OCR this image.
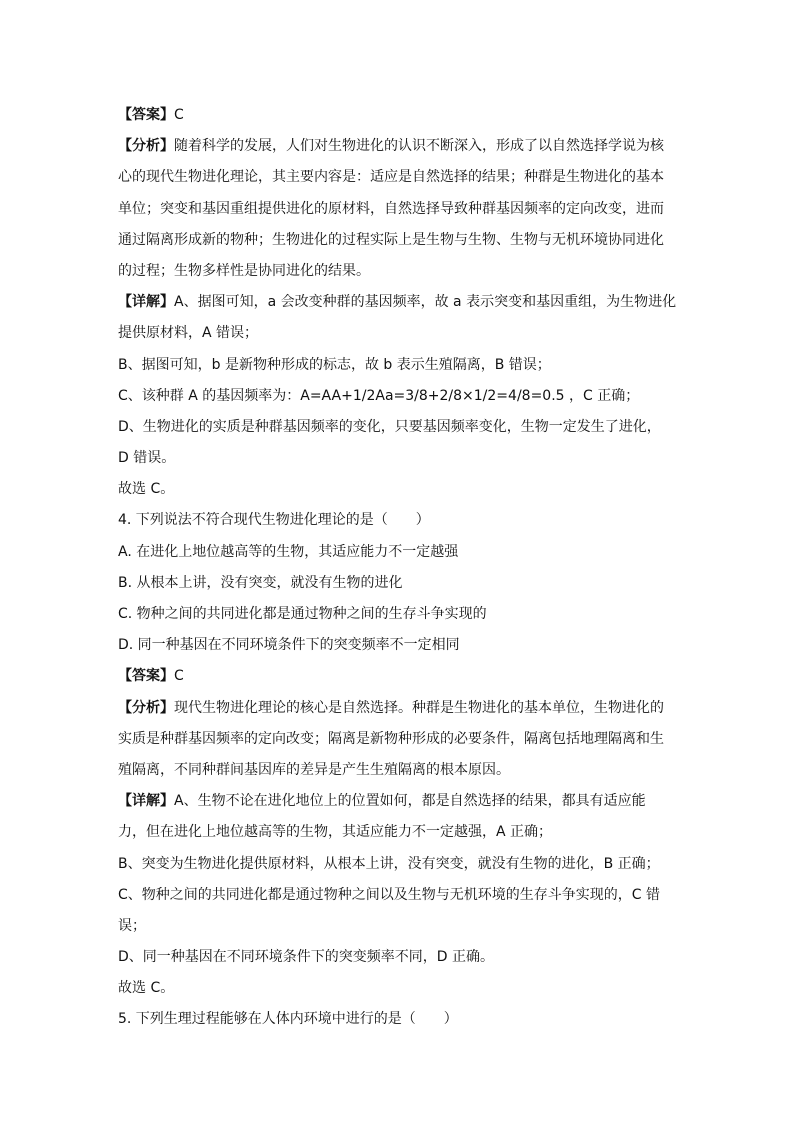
【答案】C
【分析】随着科学的发展，人们对生物进化的认识不断深入，形成了以自然选择学说为核
心的现代生物进化理论，其主要内容是：适应是自然选择的结果；种群是生物进化的基本
单位；突变和基因重组提供进化的原材料，自然选择导致种群基因频率的定向改变，进而
通过隔离形成新的物种；生物进化的过程实际上是生物与生物、生物与无机环境协同进化
的过程；生物多样性是协同进化的结果。
【详解】A、据图可知，a 会改变种群的基因频率，故 a 表示突变和基因重组，为生物进化
提供原材料，A 错误；
B、据图可知，b 是新物种形成的标志，故 b 表示生殖隔离，B 错误；
C、该种群 A 的基因频率为：A=AA+1/2Aa=3/8+2/8×1/2=4/8=0.5 ，C 正确；
D、生物进化的实质是种群基因频率的变化，只要基因频率变化，生物一定发生了进化，
D 错误。
故选 C。
4. 下列说法不符合现代生物进化理论的是（　　）
A. 在进化上地位越高等的生物，其适应能力不一定越强
B. 从根本上讲，没有突变，就没有生物的进化
C. 物种之间的共同进化都是通过物种之间的生存斗争实现的
D. 同一种基因在不同环境条件下的突变频率不一定相同
【答案】C
【分析】现代生物进化理论的核心是自然选择。种群是生物进化的基本单位，生物进化的
实质是种群基因频率的定向改变；隔离是新物种形成的必要条件，隔离包括地理隔离和生
殖隔离，不同种群间基因库的差异是产生生殖隔离的根本原因。
【详解】A、生物不论在进化地位上的位置如何，都是自然选择的结果，都具有适应能
力，但在进化上地位越高等的生物，其适应能力不一定越强，A 正确；
B、突变为生物进化提供原材料，从根本上讲，没有突变，就没有生物的进化，B 正确；
C、物种之间的共同进化都是通过物种之间以及生物与无机环境的生存斗争实现的，C 错
误；
D、同一种基因在不同环境条件下的突变频率不同，D 正确。
故选 C。
5. 下列生理过程能够在人体内环境中进行的是（　　）
